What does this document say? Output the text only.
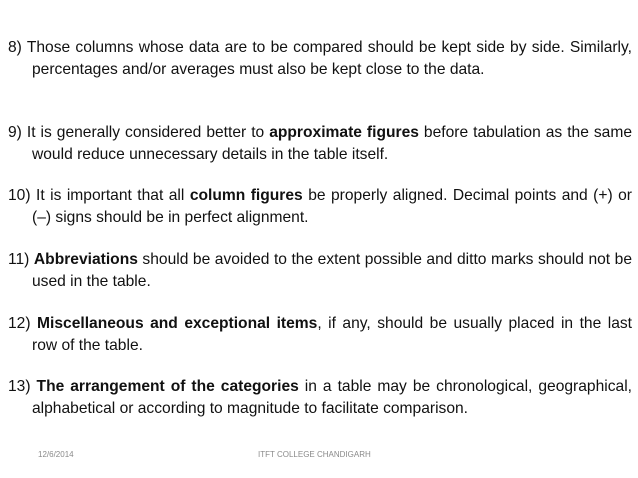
8) Those columns whose data are to be compared should be kept side by side. Similarly, percentages and/or averages must also be kept close to the data.
9) It is generally considered better to approximate figures before tabulation as the same would reduce unnecessary details in the table itself.
10) It is important that all column figures be properly aligned. Decimal points and (+) or (–) signs should be in perfect alignment.
11) Abbreviations should be avoided to the extent possible and ditto marks should not be used in the table.
12) Miscellaneous and exceptional items, if any, should be usually placed in the last row of the table.
13) The arrangement of the categories in a table may be chronological, geographical, alphabetical or according to magnitude to facilitate comparison.
12/6/2014	ITFT COLLEGE CHANDIGARH
